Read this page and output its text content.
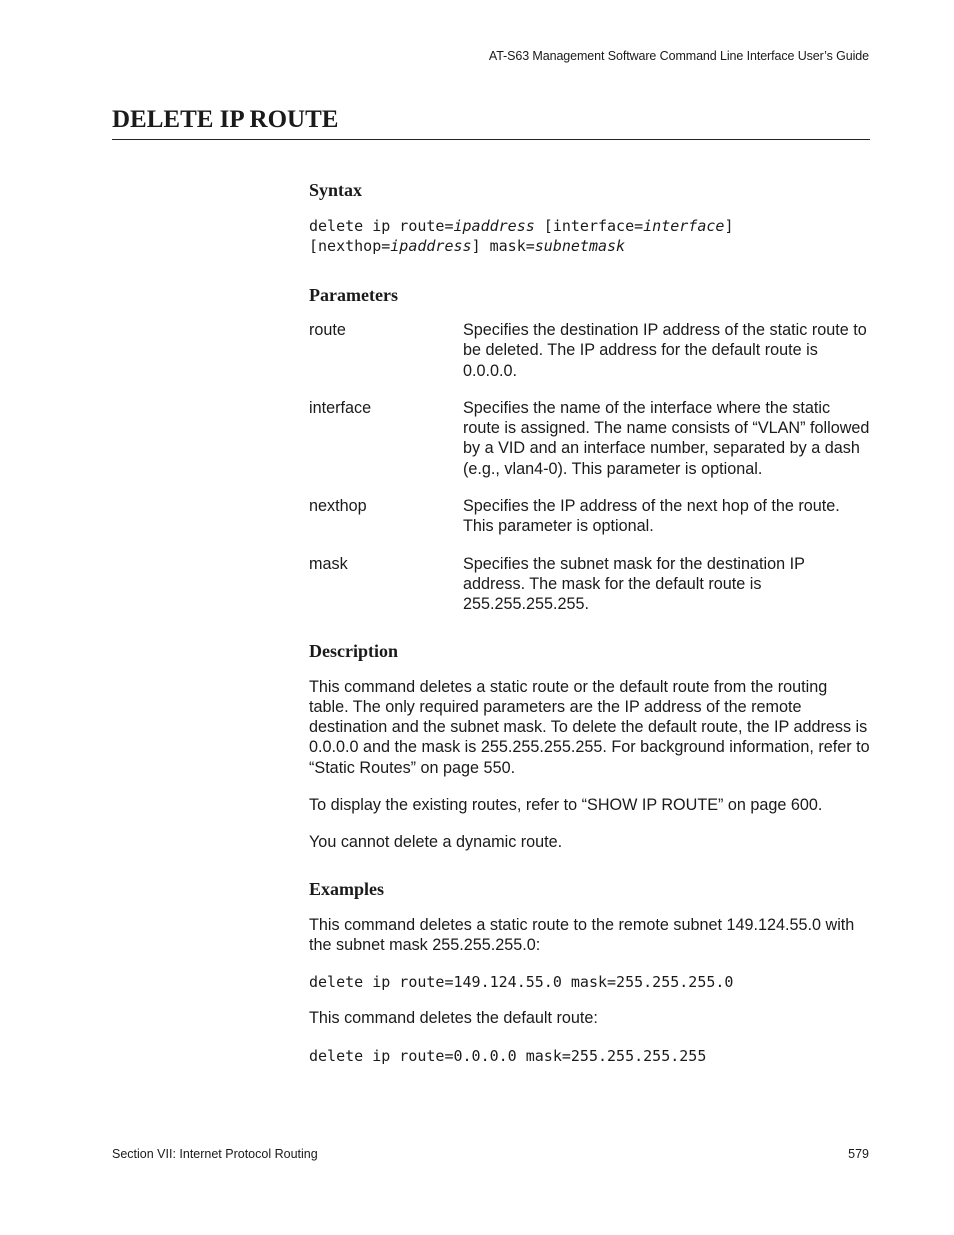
AT-S63 Management Software Command Line Interface User’s Guide
DELETE IP ROUTE
Syntax
delete ip route=ipaddress [interface=interface]
[nexthop=ipaddress] mask=subnetmask
Parameters
route	Specifies the destination IP address of the static route to be deleted. The IP address for the default route is 0.0.0.0.
interface	Specifies the name of the interface where the static route is assigned. The name consists of “VLAN” followed by a VID and an interface number, separated by a dash (e.g., vlan4-0). This parameter is optional.
nexthop	Specifies the IP address of the next hop of the route. This parameter is optional.
mask	Specifies the subnet mask for the destination IP address. The mask for the default route is 255.255.255.255.
Description

This command deletes a static route or the default route from the routing table. The only required parameters are the IP address of the remote destination and the subnet mask. To delete the default route, the IP address is 0.0.0.0 and the mask is 255.255.255.255. For background information, refer to “Static Routes” on page 550.

To display the existing routes, refer to “SHOW IP ROUTE” on page 600.

You cannot delete a dynamic route.

Examples

This command deletes a static route to the remote subnet 149.124.55.0 with the subnet mask 255.255.255.0:

delete ip route=149.124.55.0 mask=255.255.255.0

This command deletes the default route:

delete ip route=0.0.0.0 mask=255.255.255.255
Section VII: Internet Protocol Routing	579
